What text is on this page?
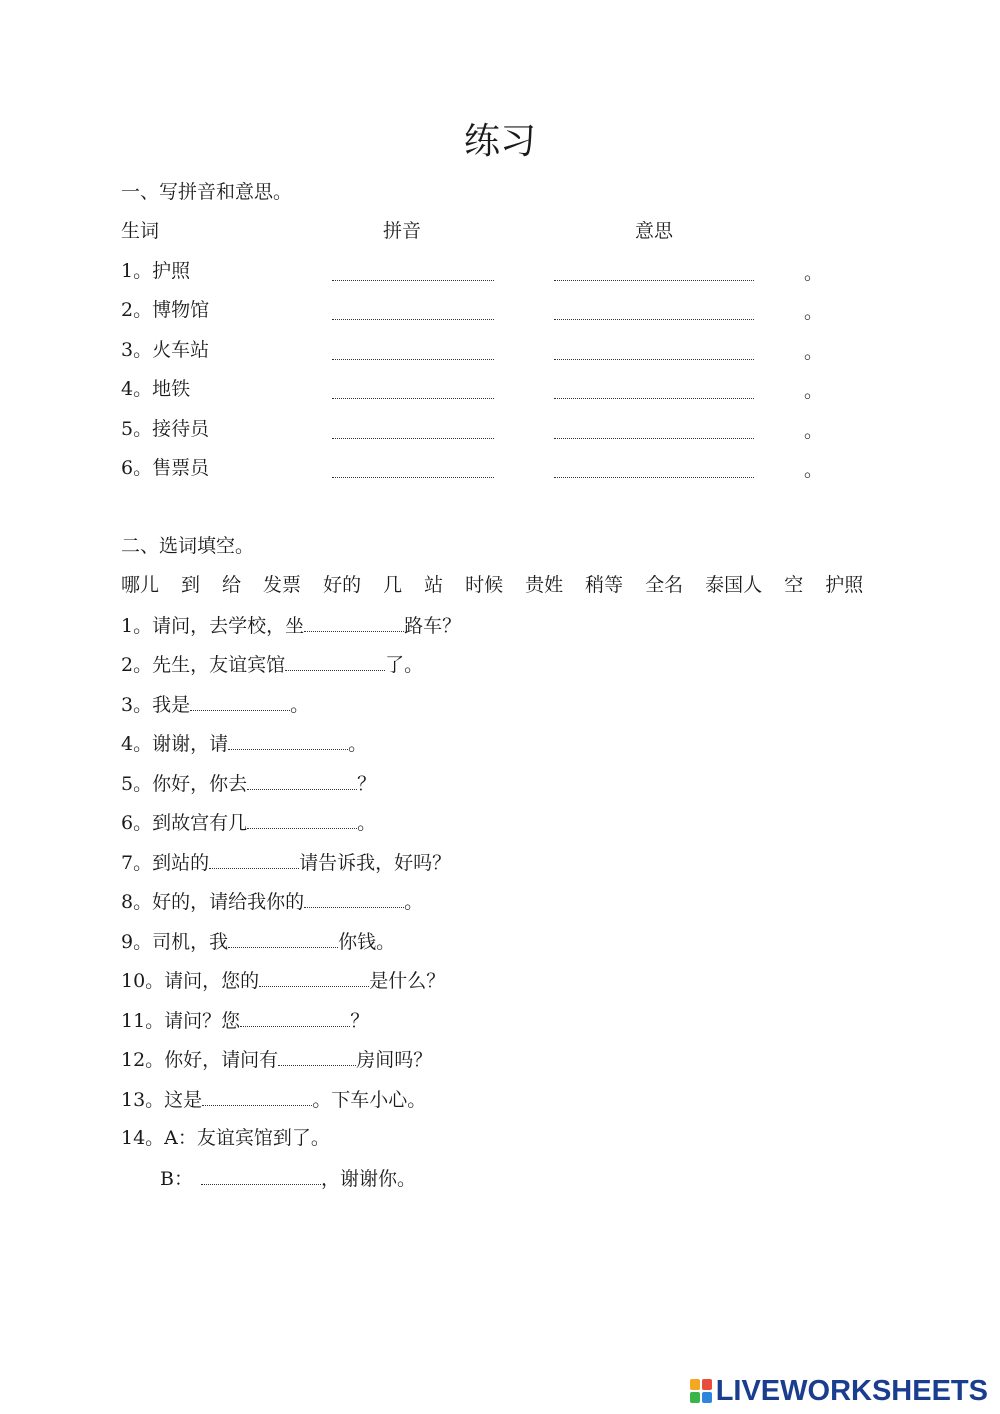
练习
一、写拼音和意思。
生词	拼音	意思
1。护照	。
2。博物馆	。
3。火车站	。
4。地铁	。
5。接待员	。
6。售票员	。
二、选词填空。
哪儿 到 给 发票 好的 几 站 时候 贵姓 稍等 全名 泰国人 空 护照
1。请问，去学校，坐	路车？
2。先生，友谊宾馆	了。
3。我是	。
4。谢谢，请	。
5。你好，你去	？
6。到故宫有几	。
7。到站的	请告诉我，好吗？
8。好的，请给我你的	。
9。司机，我	你钱。
10。请问，您的	是什么？
11。请问？您	？
12。你好，请问有	房间吗？
13。这是	。下车小心。
14。A：友谊宾馆到了。
B：	，谢谢你。
LIVEWORKSHEETS
